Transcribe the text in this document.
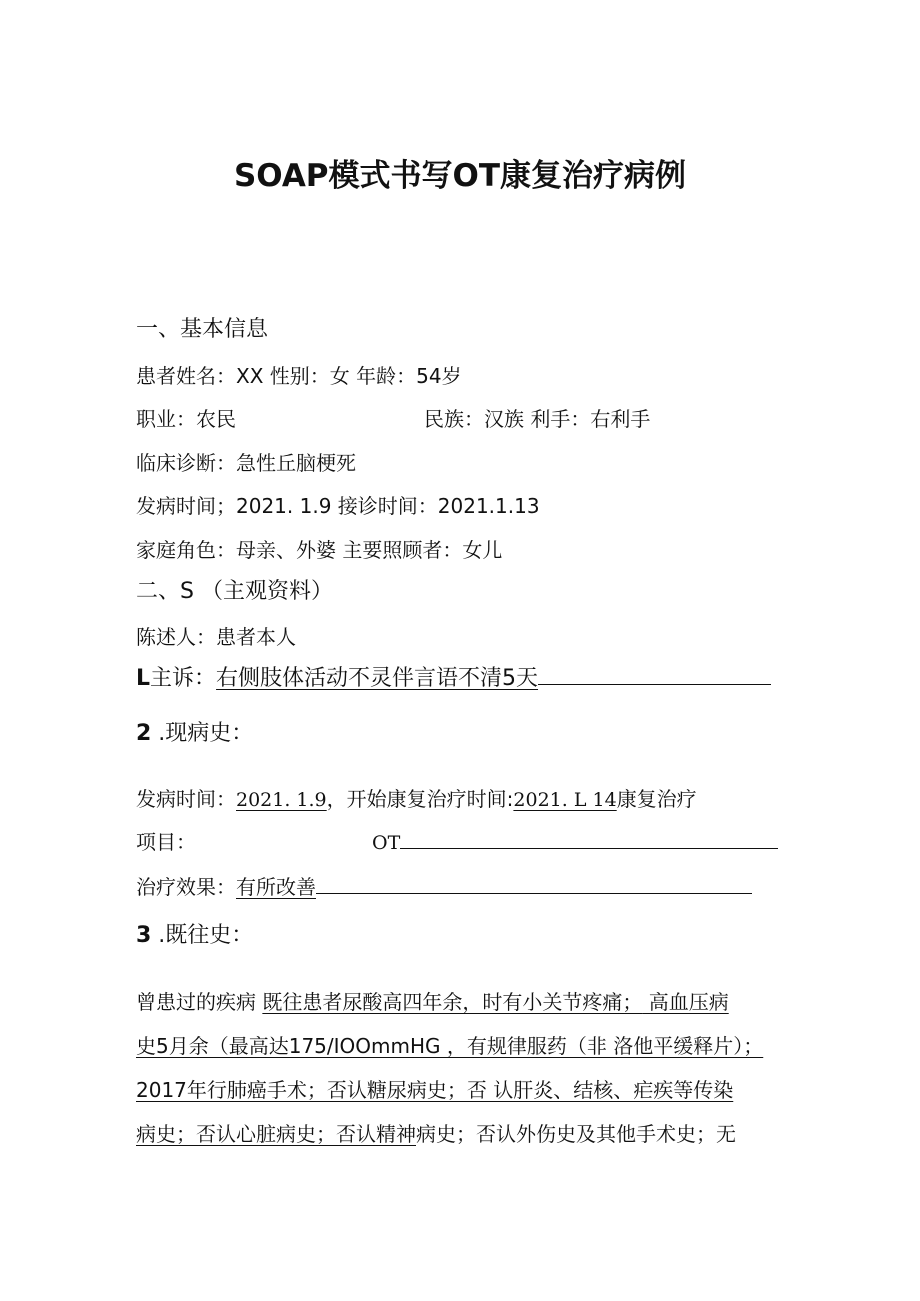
SOAP模式书写OT康复治疗病例
一、基本信息
患者姓名：XX 性别：女 年龄：54岁
职业：农民	民族：汉族 利手：右利手
临床诊断：急性丘脑梗死
发病时间；2021. 1.9 接诊时间：2021.1.13
家庭角色：母亲、外婆 主要照顾者：女儿
二、S （主观资料）
陈述人：患者本人
L主诉：右侧肢体活动不灵伴言语不清5天
2 .现病史：
发病时间：2021. 1.9，开始康复治疗时间:2021. L 14康复治疗
项目：	OT
治疗效果：有所改善
3 .既往史：
曾患过的疾病 既往患者尿酸高四年余，时有小关节疼痛； 高血压病
史5月余（最高达175/IOOmmHG ，有规律服药（非 洛他平缓释片）；
2017年行肺癌手术；否认糖尿病史；否 认肝炎、结核、疟疾等传染
病史；否认心脏病史；否认精神病史；否认外伤史及其他手术史；无
